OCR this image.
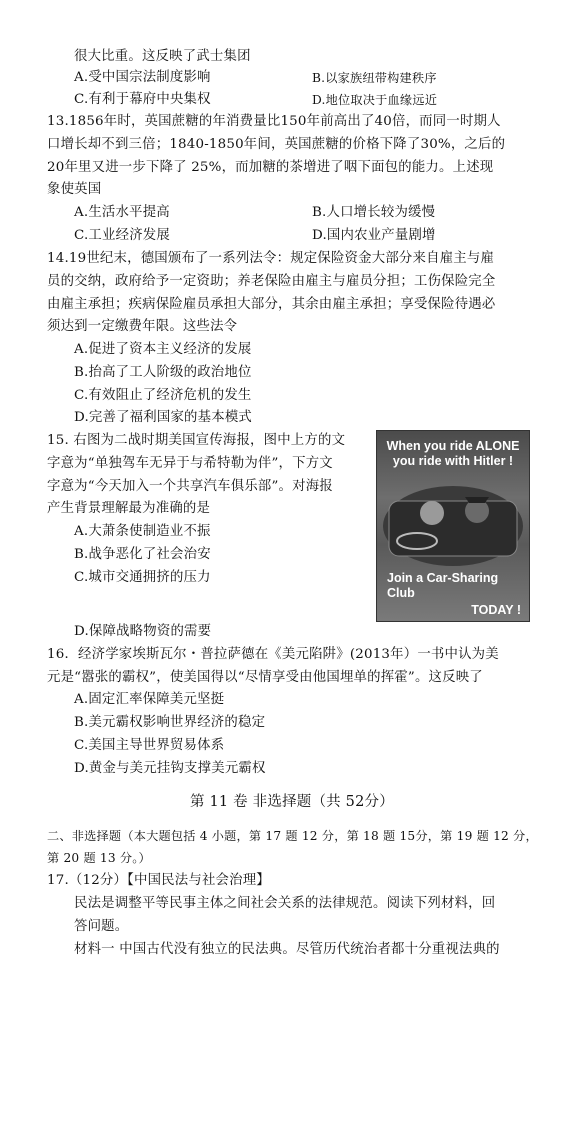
很大比重。这反映了武士集团
A.受中国宗法制度影响	B.以家族纽带构建秩序
C.有利于幕府中央集权	D.地位取决于血缘远近
13.1856年时，英国蔗糖的年消费量比150年前高出了40倍，而同一时期人
口增长却不到三倍；1840-1850年间，英国蔗糖的价格下降了30%，之后的
20年里又进一步下降了 25%，而加糖的茶增进了咽下面包的能力。上述现
象使英国
A.生活水平提高	B.人口增长较为缓慢
C.工业经济发展	D.国内农业产量剧增
14.19世纪末，德国颁布了一系列法令：规定保险资金大部分来自雇主与雇
员的交纳，政府给予一定资助；养老保险由雇主与雇员分担；工伤保险完全
由雇主承担；疾病保险雇员承担大部分，其余由雇主承担；享受保险待遇必
须达到一定缴费年限。这些法令
A.促进了资本主义经济的发展
B.抬高了工人阶级的政治地位
C.有效阻止了经济危机的发生
D.完善了福利国家的基本模式
15. 右图为二战时期美国宣传海报，图中上方的文
字意为“单独驾车无异于与希特勒为伴”，下方文
字意为“今天加入一个共享汽车俱乐部”。对海报
产生背景理解最为准确的是
A.大萧条使制造业不振
B.战争恶化了社会治安
C.城市交通拥挤的压力
D.保障战略物资的需要
When you ride ALONE you ride with Hitler !
Join a Car-Sharing Club
TODAY !
16．经济学家埃斯瓦尔・普拉萨德在《美元陷阱》(2013年）一书中认为美
元是“嚣张的霸权”，使美国得以“尽情享受由他国埋单的挥霍”。这反映了
A.固定汇率保障美元坚挺
B.美元霸权影响世界经济的稳定
C.美国主导世界贸易体系
D.黄金与美元挂钩支撑美元霸权
第 11 卷 非选择题（共 52分）
二、非选择题（本大题包括 4 小题，第 17 题 12 分，第 18 题 15分，第 19 题 12 分，
第 20 题 13 分。）
17.（12分）【中国民法与社会治理】
民法是调整平等民事主体之间社会关系的法律规范。阅读下列材料，回
答问题。
材料一 中国古代没有独立的民法典。尽管历代统治者都十分重视法典的
